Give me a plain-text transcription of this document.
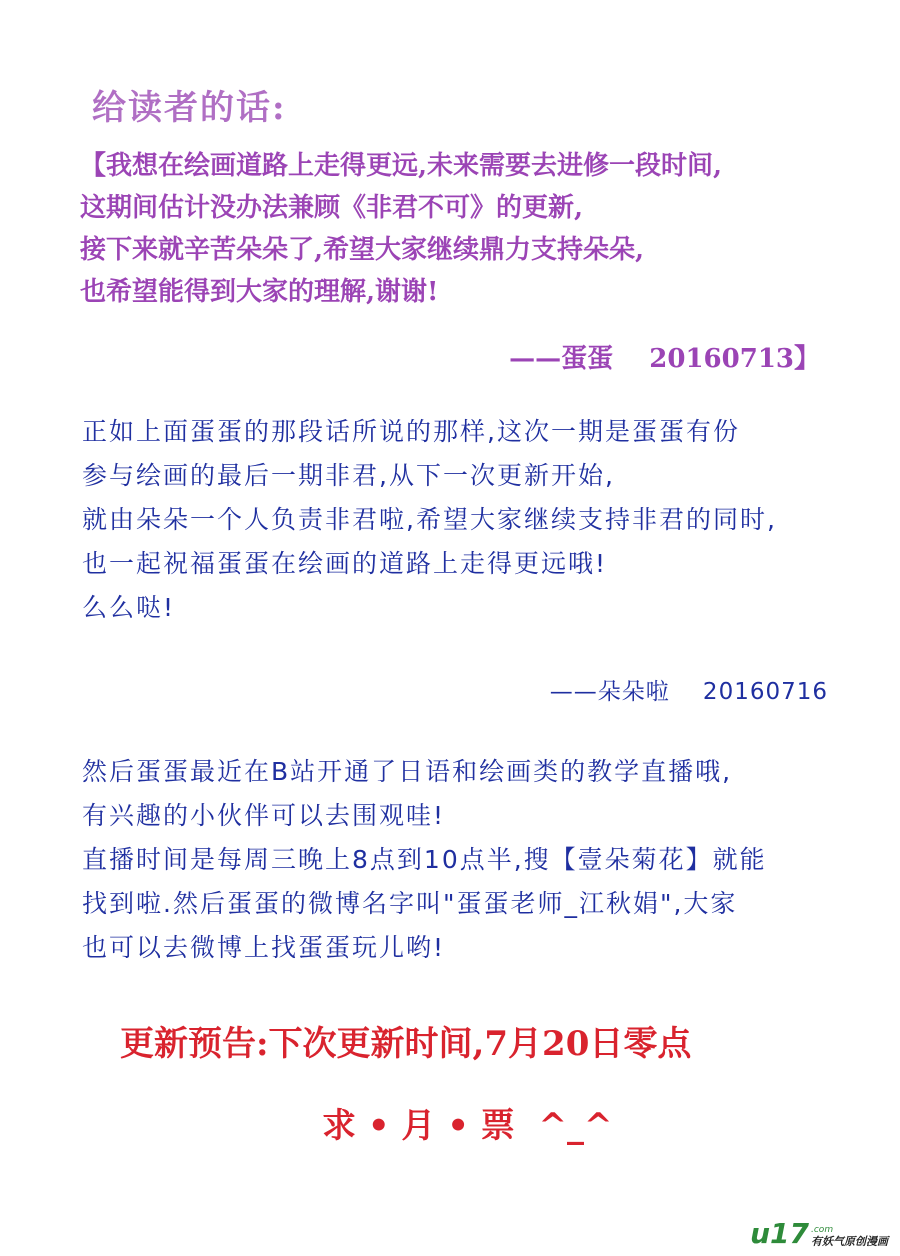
给读者的话:
【我想在绘画道路上走得更远,未来需要去进修一段时间,
这期间估计没办法兼顾《非君不可》的更新,
接下来就辛苦朵朵了,希望大家继续鼎力支持朵朵,
也希望能得到大家的理解,谢谢!
——蛋蛋    20160713】
正如上面蛋蛋的那段话所说的那样,这次一期是蛋蛋有份
参与绘画的最后一期非君,从下一次更新开始,
就由朵朵一个人负责非君啦,希望大家继续支持非君的同时,
也一起祝福蛋蛋在绘画的道路上走得更远哦!
么么哒!
——朵朵啦    20160716
然后蛋蛋最近在B站开通了日语和绘画类的教学直播哦,
有兴趣的小伙伴可以去围观哇!
直播时间是每周三晚上8点到10点半,搜【壹朵菊花】就能
找到啦.然后蛋蛋的微博名字叫"蛋蛋老师_江秋娟",大家
也可以去微博上找蛋蛋玩儿哟!
更新预告:下次更新时间,7月20日零点
求 • 月 • 票  ^_^
u17 .com
有妖气原创漫画
